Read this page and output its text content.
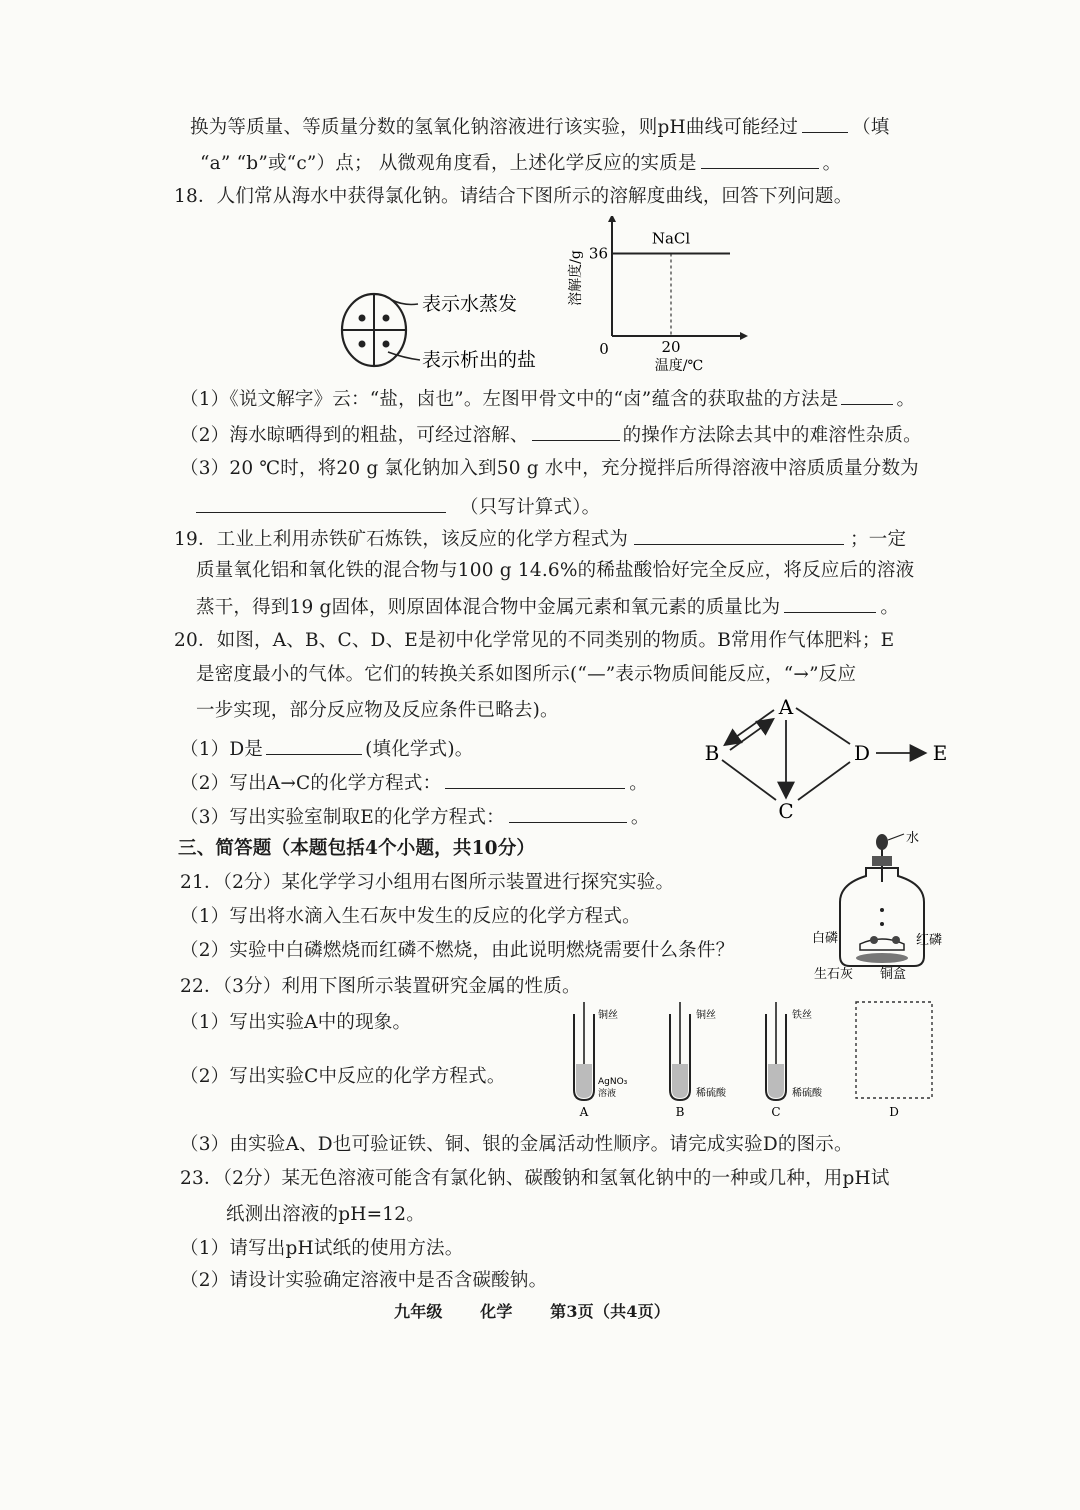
换为等质量、等质量分数的氢氧化钠溶液进行该实验，则pH曲线可能经过	（填
“a” “b”或“c”）点； 从微观角度看，上述化学反应的实质是	。
18．人们常从海水中获得氯化钠。请结合下图所示的溶解度曲线，回答下列问题。
表示水蒸发
表示析出的盐
溶解度/g 36
0	20
温度/℃
NaCl
（1）《说文解字》云：“盐，卤也”。左图甲骨文中的“卤”蕴含的获取盐的方法是	。
（2）海水晾晒得到的粗盐，可经过溶解、	的操作方法除去其中的难溶性杂质。
（3）20 ℃时，将20 g 氯化钠加入到50 g 水中，充分搅拌后所得溶液中溶质质量分数为
（只写计算式）。
19．工业上利用赤铁矿石炼铁，该反应的化学方程式为	；一定
质量氧化铝和氧化铁的混合物与100 g 14.6%的稀盐酸恰好完全反应，将反应后的溶液
蒸干，得到19 g固体，则原固体混合物中金属元素和氧元素的质量比为	。
20．如图，A、B、C、D、E是初中化学常见的不同类别的物质。B常用作气体肥料；E
是密度最小的气体。它们的转换关系如图所示(“—”表示物质间能反应，“→”反应
一步实现，部分反应物及反应条件已略去)。
（1）D是	(填化学式)。
（2）写出A→C的化学方程式：	。
（3）写出实验室制取E的化学方程式：	。
A
B
C
D	E
三、简答题（本题包括4个小题，共10分）
21．（2分）某化学学习小组用右图所示装置进行探究实验。
（1）写出将水滴入生石灰中发生的反应的化学方程式。
（2）实验中白磷燃烧而红磷不燃烧，由此说明燃烧需要什么条件？
水
白磷	红磷
生石灰 铜盒
22．（3分）利用下图所示装置研究金属的性质。
（1）写出实验A中的现象。
（2）写出实验C中反应的化学方程式。
铜丝
AgNO₃
溶液
A
铜丝
稀硫酸
B
铁丝
稀硫酸
C	D
（3）由实验A、D也可验证铁、铜、银的金属活动性顺序。请完成实验D的图示。
23．（2分）某无色溶液可能含有氯化钠、碳酸钠和氢氧化钠中的一种或几种，用pH试
纸测出溶液的pH=12。
（1）请写出pH试纸的使用方法。
（2）请设计实验确定溶液中是否含碳酸钠。
九年级 化学 第3页（共4页）
